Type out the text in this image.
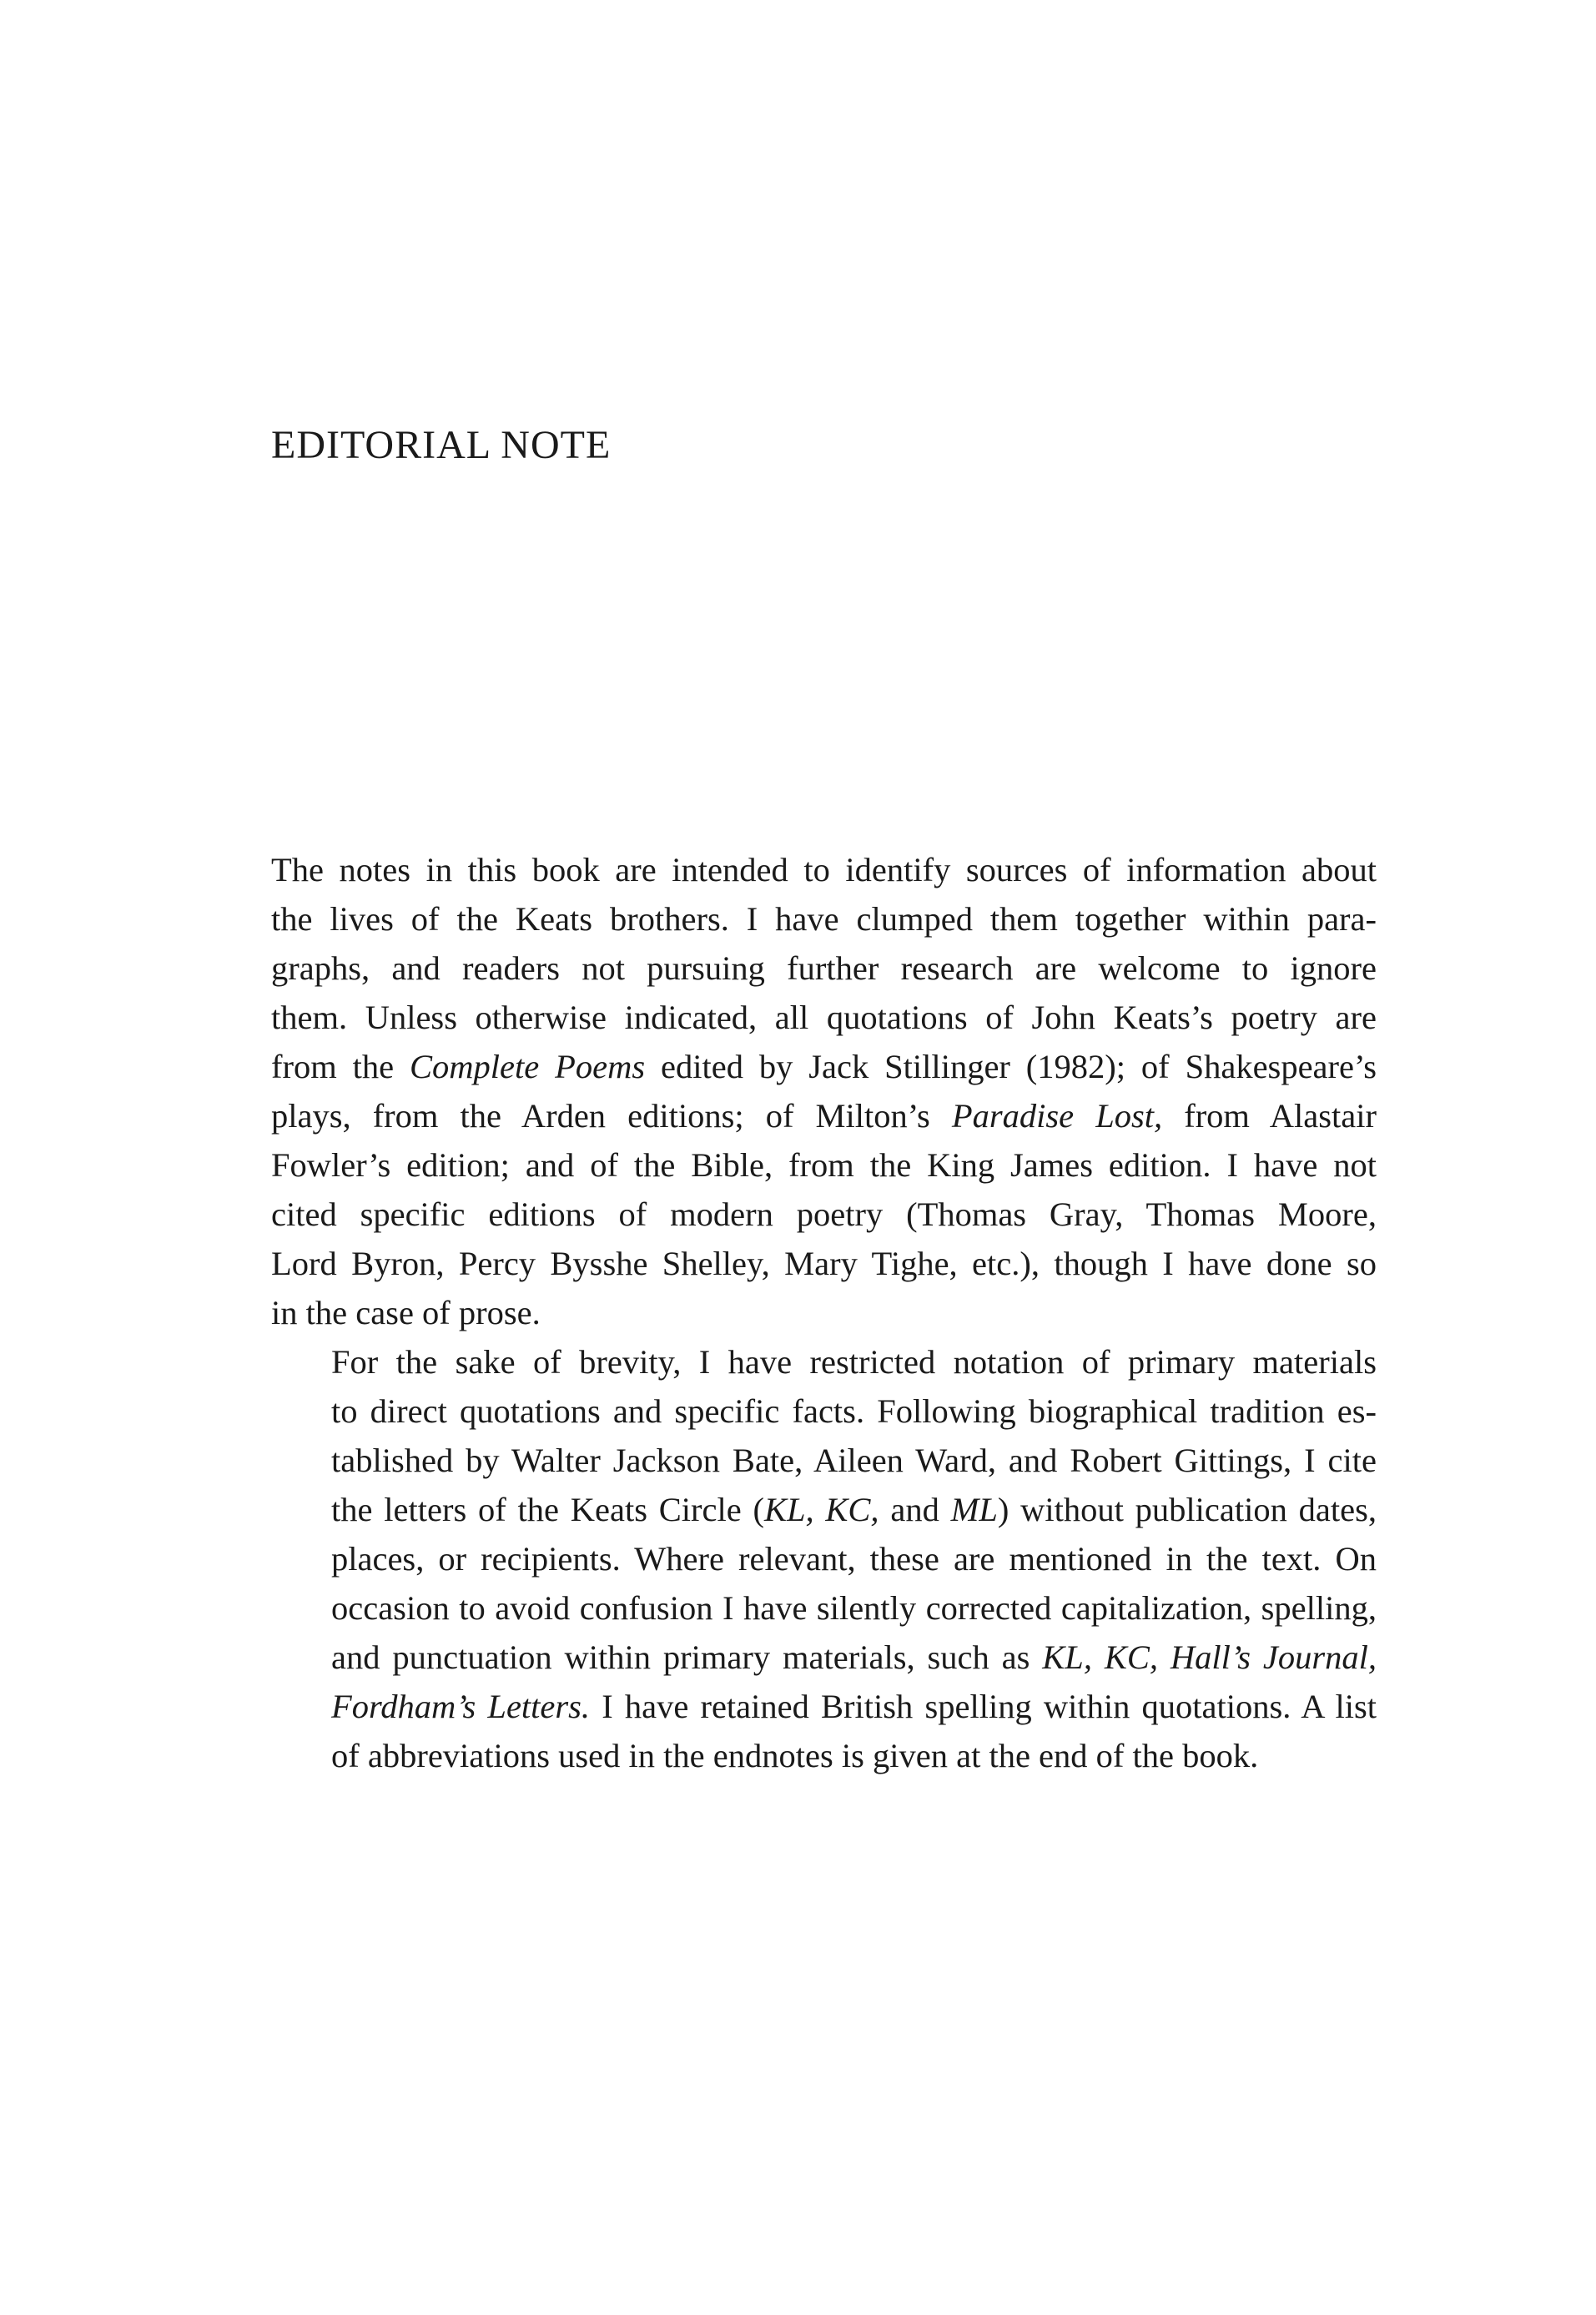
EDITORIAL NOTE

The notes in this book are intended to identify sources of information about
the lives of the Keats brothers. I have clumped them together within para-
graphs, and readers not pursuing further research are welcome to ignore
them. Unless otherwise indicated, all quotations of John Keats’s poetry are
from the Complete Poems edited by Jack Stillinger (1982); of Shakespeare’s
plays, from the Arden editions; of Milton’s Paradise Lost, from Alastair
Fowler’s edition; and of the Bible, from the King James edition. I have not
cited specific editions of modern poetry (Thomas Gray, Thomas Moore,
Lord Byron, Percy Bysshe Shelley, Mary Tighe, etc.), though I have done so
in the case of prose.

For the sake of brevity, I have restricted notation of primary materials
to direct quotations and specific facts. Following biographical tradition es-
tablished by Walter Jackson Bate, Aileen Ward, and Robert Gittings, I cite
the letters of the Keats Circle (KL, KC, and ML) without publication dates,
places, or recipients. Where relevant, these are mentioned in the text. On
occasion to avoid confusion I have silently corrected capitalization, spelling,
and punctuation within primary materials, such as KL, KC, Hall’s Journal,
Fordham’s Letters. I have retained British spelling within quotations. A list
of abbreviations used in the endnotes is given at the end of the book.
